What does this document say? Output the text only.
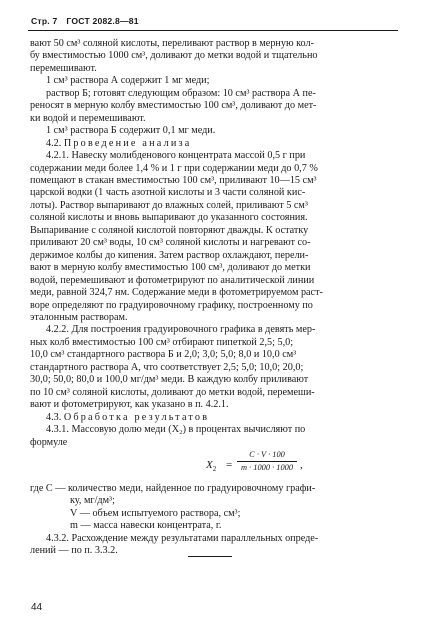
Стр. 7 ГОСТ 2082.8—81

вают 50 см³ соляной кислоты, переливают раствор в мерную кол-

бу вместимостью 1000 см³, доливают до метки водой и тщательно

перемешивают.

1 см³ раствора А содержит 1 мг меди;

раствор Б; готовят следующим образом: 10 см³ раствора А пе-

реносят в мерную колбу вместимостью 100 см³, доливают до мет-

ки водой и перемешивают.

1 см³ раствора Б содержит 0,1 мг меди.

4.2. Проведение анализа

4.2.1. Навеску молибденового концентрата массой 0,5 г при

содержании меди более 1,4 % и 1 г при содержании меди до 0,7 %

помещают в стакан вместимостью 100 см³, приливают 10—15 см³

царской водки (1 часть азотной кислоты и 3 части соляной кис-

лоты). Раствор выпаривают до влажных солей, приливают 5 см³

соляной кислоты и вновь выпаривают до указанного состояния.

Выпаривание с соляной кислотой повторяют дважды. К остатку

приливают 20 см³ воды, 10 см³ соляной кислоты и нагревают со-

держимое колбы до кипения. Затем раствор охлаждают, перели-

вают в мерную колбу вместимостью 100 см³, доливают до метки

водой, перемешивают и фотометрируют по аналитической линии

меди, равной 324,7 нм. Содержание меди в фотометрируемом раст-

воре определяют по градуировочному графику, построенному по

эталонным растворам.

4.2.2. Для построения градуировочного графика в девять мер-

ных колб вместимостью 100 см³ отбирают пипеткой 2,5; 5,0;

10,0 см³ стандартного раствора Б и 2,0; 3,0; 5,0; 8,0 и 10,0 см³

стандартного раствора А, что соответствует 2,5; 5,0; 10,0; 20,0;

30,0; 50,0; 80,0 и 100,0 мг/дм³ меди. В каждую колбу приливают

по 10 см³ соляной кислоты, доливают до метки водой, перемеши-

вают и фотометрируют, как указано в п. 4.2.1.

4.3. Обработка результатов

4.3.1. Массовую долю меди (X₂) в процентах вычисляют по

формуле

$X_2$ =
C · V · 100
m · 1000 · 1000 ,

где C — количество меди, найденное по градуировочному графи-

ку, мг/дм³;

V — объем испытуемого раствора, см³;

m — масса навески концентрата, г.

4.3.2. Расхождение между результатами параллельных опреде-

лений — по п. 3.3.2.

44
